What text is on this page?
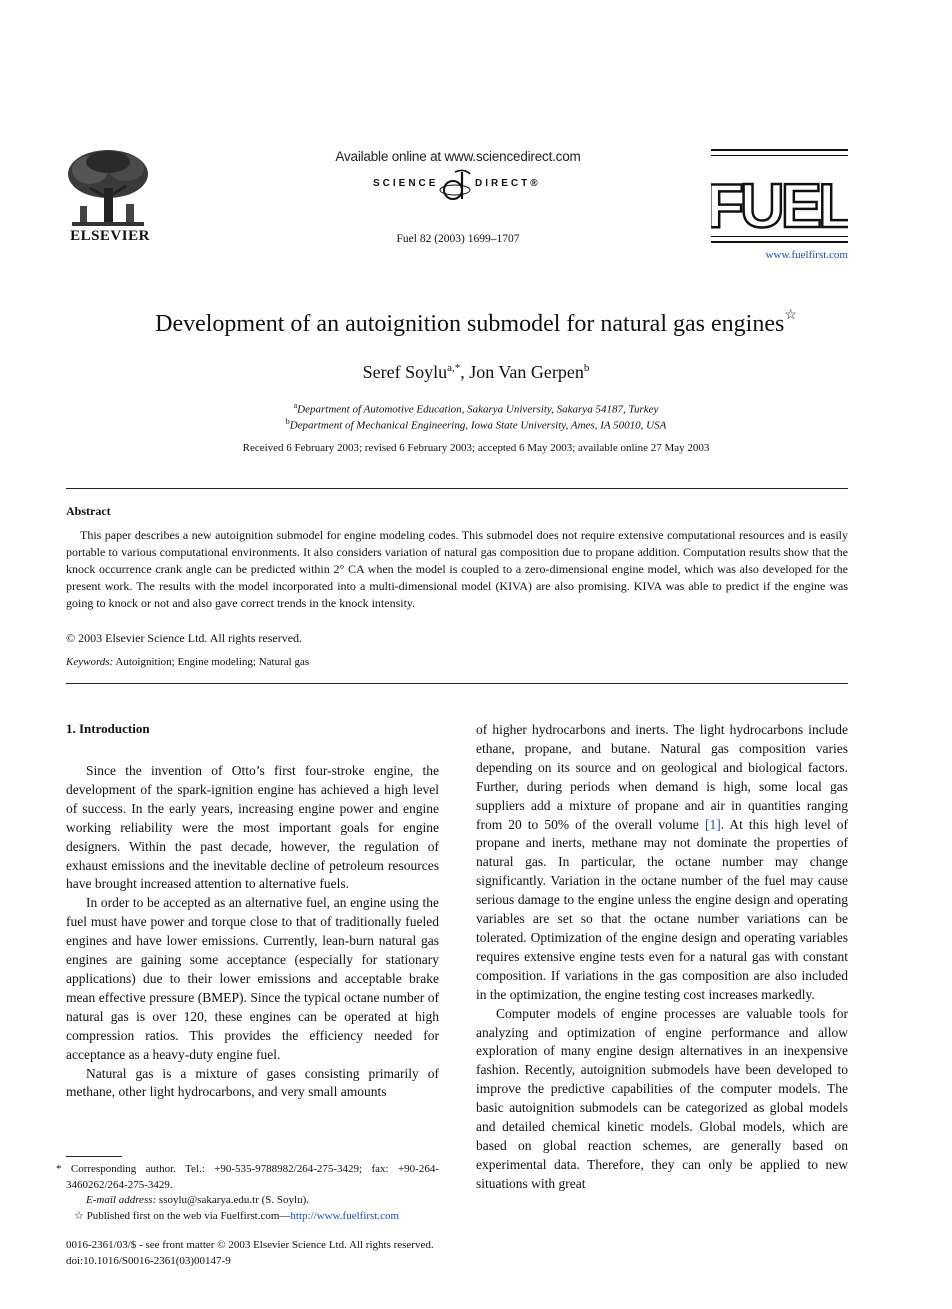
ELSEVIER
Available online at www.sciencedirect.com
SCIENCE	DIRECT®
Fuel 82 (2003) 1699–1707	FUEL
www.fuelfirst.com
Development of an autoignition submodel for natural gas engines☆
Seref Soylu$^{a,*}$, Jon Van Gerpen$^b$
$^a$Department of Automotive Education, Sakarya University, Sakarya 54187, Turkey
$^b$Department of Mechanical Engineering, Iowa State University, Ames, IA 50010, USA
Received 6 February 2003; revised 6 February 2003; accepted 6 May 2003; available online 27 May 2003
Abstract
This paper describes a new autoignition submodel for engine modeling codes. This submodel does not require extensive computational resources and is easily portable to various computational environments. It also considers variation of natural gas composition due to propane addition. Computation results show that the knock occurrence crank angle can be predicted within 2° CA when the model is coupled to a zero-dimensional engine model, which was also developed for the present work. The results with the model incorporated into a multi-dimensional model (KIVA) are also promising. KIVA was able to predict if the engine was going to knock or not and also gave correct trends in the knock intensity.
© 2003 Elsevier Science Ltd. All rights reserved.
Keywords: Autoignition; Engine modeling; Natural gas
1. Introduction

Since the invention of Otto’s first four-stroke engine, the development of the spark-ignition engine has achieved a high level of success. In the early years, increasing engine power and engine working reliability were the most important goals for engine designers. Within the past decade, however, the regulation of exhaust emissions and the inevitable decline of petroleum resources have brought increased attention to alternative fuels.

In order to be accepted as an alternative fuel, an engine using the fuel must have power and torque close to that of traditionally fueled engines and have lower emissions. Currently, lean-burn natural gas engines are gaining some acceptance (especially for stationary applications) due to their lower emissions and acceptable brake mean effective pressure (BMEP). Since the typical octane number of natural gas is over 120, these engines can be operated at high compression ratios. This provides the efficiency needed for acceptance as a heavy-duty engine fuel.

Natural gas is a mixture of gases consisting primarily of methane, other light hydrocarbons, and very small amounts

of higher hydrocarbons and inerts. The light hydrocarbons include ethane, propane, and butane. Natural gas composition varies depending on its source and on geological and biological factors. Further, during periods when demand is high, some local gas suppliers add a mixture of propane and air in quantities ranging from 20 to 50% of the overall volume [1]. At this high level of propane and inerts, methane may not dominate the properties of natural gas. In particular, the octane number may change significantly. Variation in the octane number of the fuel may cause serious damage to the engine unless the engine design and operating variables are set so that the octane number variations can be tolerated. Optimization of the engine design and operating variables requires extensive engine tests even for a natural gas with constant composition. If variations in the gas composition are also included in the optimization, the engine testing cost increases markedly.

Computer models of engine processes are valuable tools for analyzing and optimization of engine performance and allow exploration of many engine design alternatives in an inexpensive fashion. Recently, autoignition submodels have been developed to improve the predictive capabilities of the computer models. The basic autoignition submodels can be categorized as global models and detailed chemical kinetic models. Global models, which are based on global reaction schemes, are generally based on experimental data. Therefore, they can only be applied to new situations with great

* Corresponding author. Tel.: +90-535-9788982/264-275-3429; fax: +90-264-3460262/264-275-3429.
E-mail address: ssoylu@sakarya.edu.tr (S. Soylu).
☆ Published first on the web via Fuelfirst.com—http://www.fuelfirst.com
0016-2361/03/$ - see front matter © 2003 Elsevier Science Ltd. All rights reserved.
doi:10.1016/S0016-2361(03)00147-9
